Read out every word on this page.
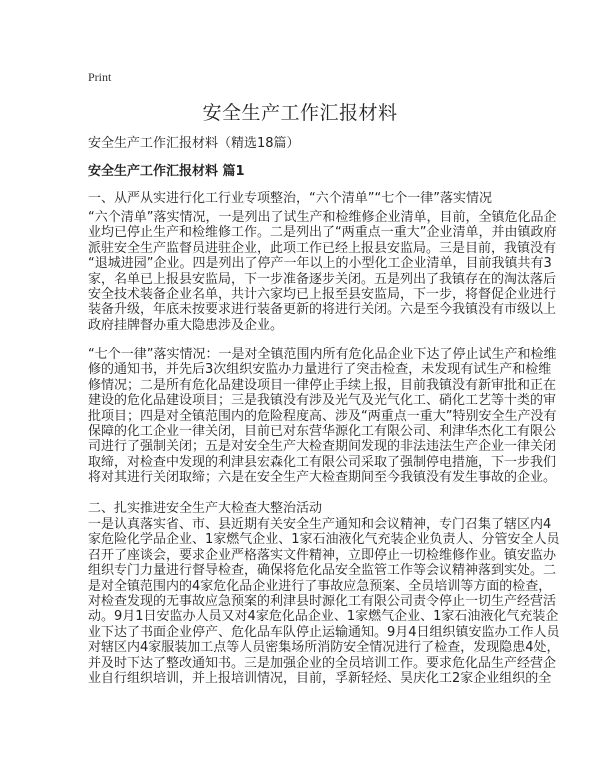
Print
安全生产工作汇报材料
安全生产工作汇报材料（精选18篇）
安全生产工作汇报材料 篇1
一、从严从实进行化工行业专项整治，“六个清单”“七个一律”落实情况
“六个清单”落实情况，一是列出了试生产和检维修企业清单，目前，全镇危化品企
业均已停止生产和检维修工作。二是列出了“两重点一重大”企业清单，并由镇政府
派驻安全生产监督员进驻企业，此项工作已经上报县安监局。三是目前，我镇没有
“退城进园”企业。四是列出了停产一年以上的小型化工企业清单，目前我镇共有3
家，名单已上报县安监局，下一步准备逐步关闭。五是列出了我镇存在的淘汰落后
安全技术装备企业名单，共计六家均已上报至县安监局，下一步，将督促企业进行
装备升级，年底未按要求进行装备更新的将进行关闭。六是至今我镇没有市级以上
政府挂牌督办重大隐患涉及企业。
“七个一律”落实情况：一是对全镇范围内所有危化品企业下达了停止试生产和检维
修的通知书，并先后3次组织安监办力量进行了突击检查，未发现有试生产和检维
修情况；二是所有危化品建设项目一律停止手续上报，目前我镇没有新审批和正在
建设的危化品建设项目；三是我镇没有涉及光气及光气化工、硝化工艺等十类的审
批项目；四是对全镇范围内的危险程度高、涉及“两重点一重大”特别安全生产没有
保障的化工企业一律关闭，目前已对东营华源化工有限公司、利津华杰化工有限公
司进行了强制关闭；五是对安全生产大检查期间发现的非法违法生产企业一律关闭
取缔，对检查中发现的利津县宏森化工有限公司采取了强制停电措施，下一步我们
将对其进行关闭取缔；六是在安全生产大检查期间至今我镇没有发生事故的企业。
二、扎实推进安全生产大检查大整治活动
一是认真落实省、市、县近期有关安全生产通知和会议精神，专门召集了辖区内4
家危险化学品企业、1家燃气企业、1家石油液化气充装企业负责人、分管安全人员
召开了座谈会，要求企业严格落实文件精神，立即停止一切检维修作业。镇安监办
组织专门力量进行督导检查，确保将危化品安全监管工作等会议精神落到实处。二
是对全镇范围内的4家危化品企业进行了事故应急预案、全员培训等方面的检查，
对检查发现的无事故应急预案的利津县时源化工有限公司责令停止一切生产经营活
动。9月1日安监办人员又对4家危化品企业、1家燃气企业、1家石油液化气充装企
业下达了书面企业停产、危化品车队停止运输通知。9月4日组织镇安监办工作人员
对辖区内4家服装加工点等人员密集场所消防安全情况进行了检查，发现隐患4处，
并及时下达了整改通知书。三是加强企业的全员培训工作。要求危化品生产经营企
业自行组织培训，并上报培训情况，目前，孚新轻烃、昊庆化工2家企业组织的全
